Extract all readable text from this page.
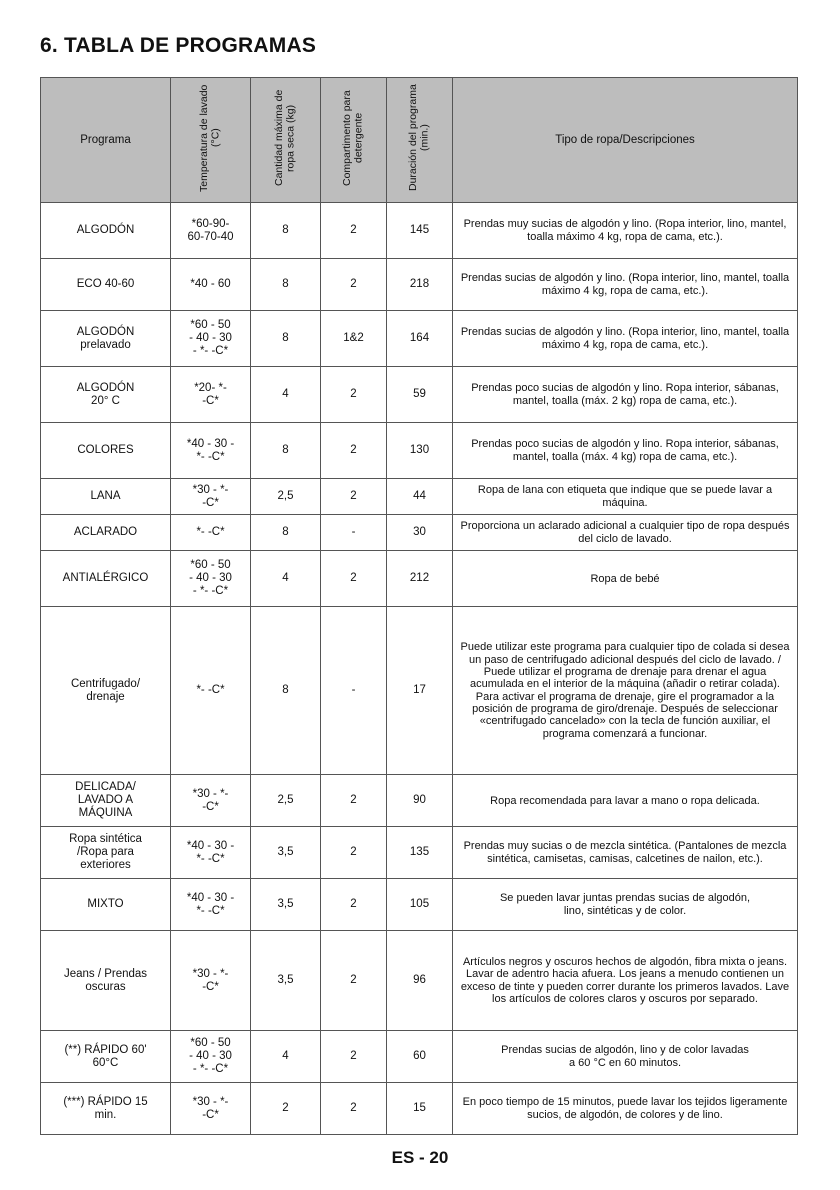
6. TABLA DE PROGRAMAS
Programa	Temperatura de lavado (°C)	Cantidad máxima de ropa seca (kg)	Compartimento para detergente	Duración del programa (min.)	Tipo de ropa/Descripciones
ALGODÓN	*60-90-
60-70-40	8	2	145	Prendas muy sucias de algodón y lino. (Ropa interior, lino, mantel, toalla máximo 4 kg, ropa de cama, etc.).
ECO 40-60	*40 - 60	8	2	218	Prendas sucias de algodón y lino. (Ropa interior, lino, mantel, toalla máximo 4 kg, ropa de cama, etc.).
ALGODÓN
prelavado	*60 - 50
- 40 - 30
- *- -C*	8	1&2	164	Prendas sucias de algodón y lino. (Ropa interior, lino, mantel, toalla máximo 4 kg, ropa de cama, etc.).
ALGODÓN
20° C	*20- *-
-C*	4	2	59	Prendas poco sucias de algodón y lino. Ropa interior, sábanas, mantel, toalla (máx. 2 kg) ropa de cama, etc.).
COLORES	*40 - 30 -
*- -C*	8	2	130	Prendas poco sucias de algodón y lino. Ropa interior, sábanas, mantel, toalla (máx. 4 kg) ropa de cama, etc.).
LANA	*30 - *-
-C*	2,5	2	44	Ropa de lana con etiqueta que indique que se puede lavar a máquina.
ACLARADO	*- -C*	8	-	30	Proporciona un aclarado adicional a cualquier tipo de ropa después del ciclo de lavado.
ANTIALÉRGICO	*60 - 50
- 40 - 30
- *- -C*	4	2	212	Ropa de bebé
Centrifugado/
drenaje	*- -C*	8	-	17	Puede utilizar este programa para cualquier tipo de colada si desea un paso de centrifugado adicional después del ciclo de lavado. / Puede utilizar el programa de drenaje para drenar el agua acumulada en el interior de la máquina (añadir o retirar colada). Para activar el programa de drenaje, gire el programador a la posición de programa de giro/drenaje. Después de seleccionar «centrifugado cancelado» con la tecla de función auxiliar, el programa comenzará a funcionar.
DELICADA/
LAVADO A
MÁQUINA	*30 - *-
-C*	2,5	2	90	Ropa recomendada para lavar a mano o ropa delicada.
Ropa sintética
/Ropa para
exteriores	*40 - 30 -
*- -C*	3,5	2	135	Prendas muy sucias o de mezcla sintética. (Pantalones de mezcla sintética, camisetas, camisas, calcetines de nailon, etc.).
MIXTO	*40 - 30 -
*- -C*	3,5	2	105	Se pueden lavar juntas prendas sucias de algodón,
lino, sintéticas y de color.
Jeans / Prendas
oscuras	*30 - *-
-C*	3,5	2	96	Artículos negros y oscuros hechos de algodón, fibra mixta o jeans. Lavar de adentro hacia afuera. Los jeans a menudo contienen un exceso de tinte y pueden correr durante los primeros lavados. Lave los artículos de colores claros y oscuros por separado.
(**) RÁPIDO 60'
60°C	*60 - 50
- 40 - 30
- *- -C*	4	2	60	Prendas sucias de algodón, lino y de color lavadas
a 60 °C en 60 minutos.
(***) RÁPIDO 15
min.	*30 - *-
-C*	2	2	15	En poco tiempo de 15 minutos, puede lavar los tejidos ligeramente sucios, de algodón, de colores y de lino.
ES - 20
